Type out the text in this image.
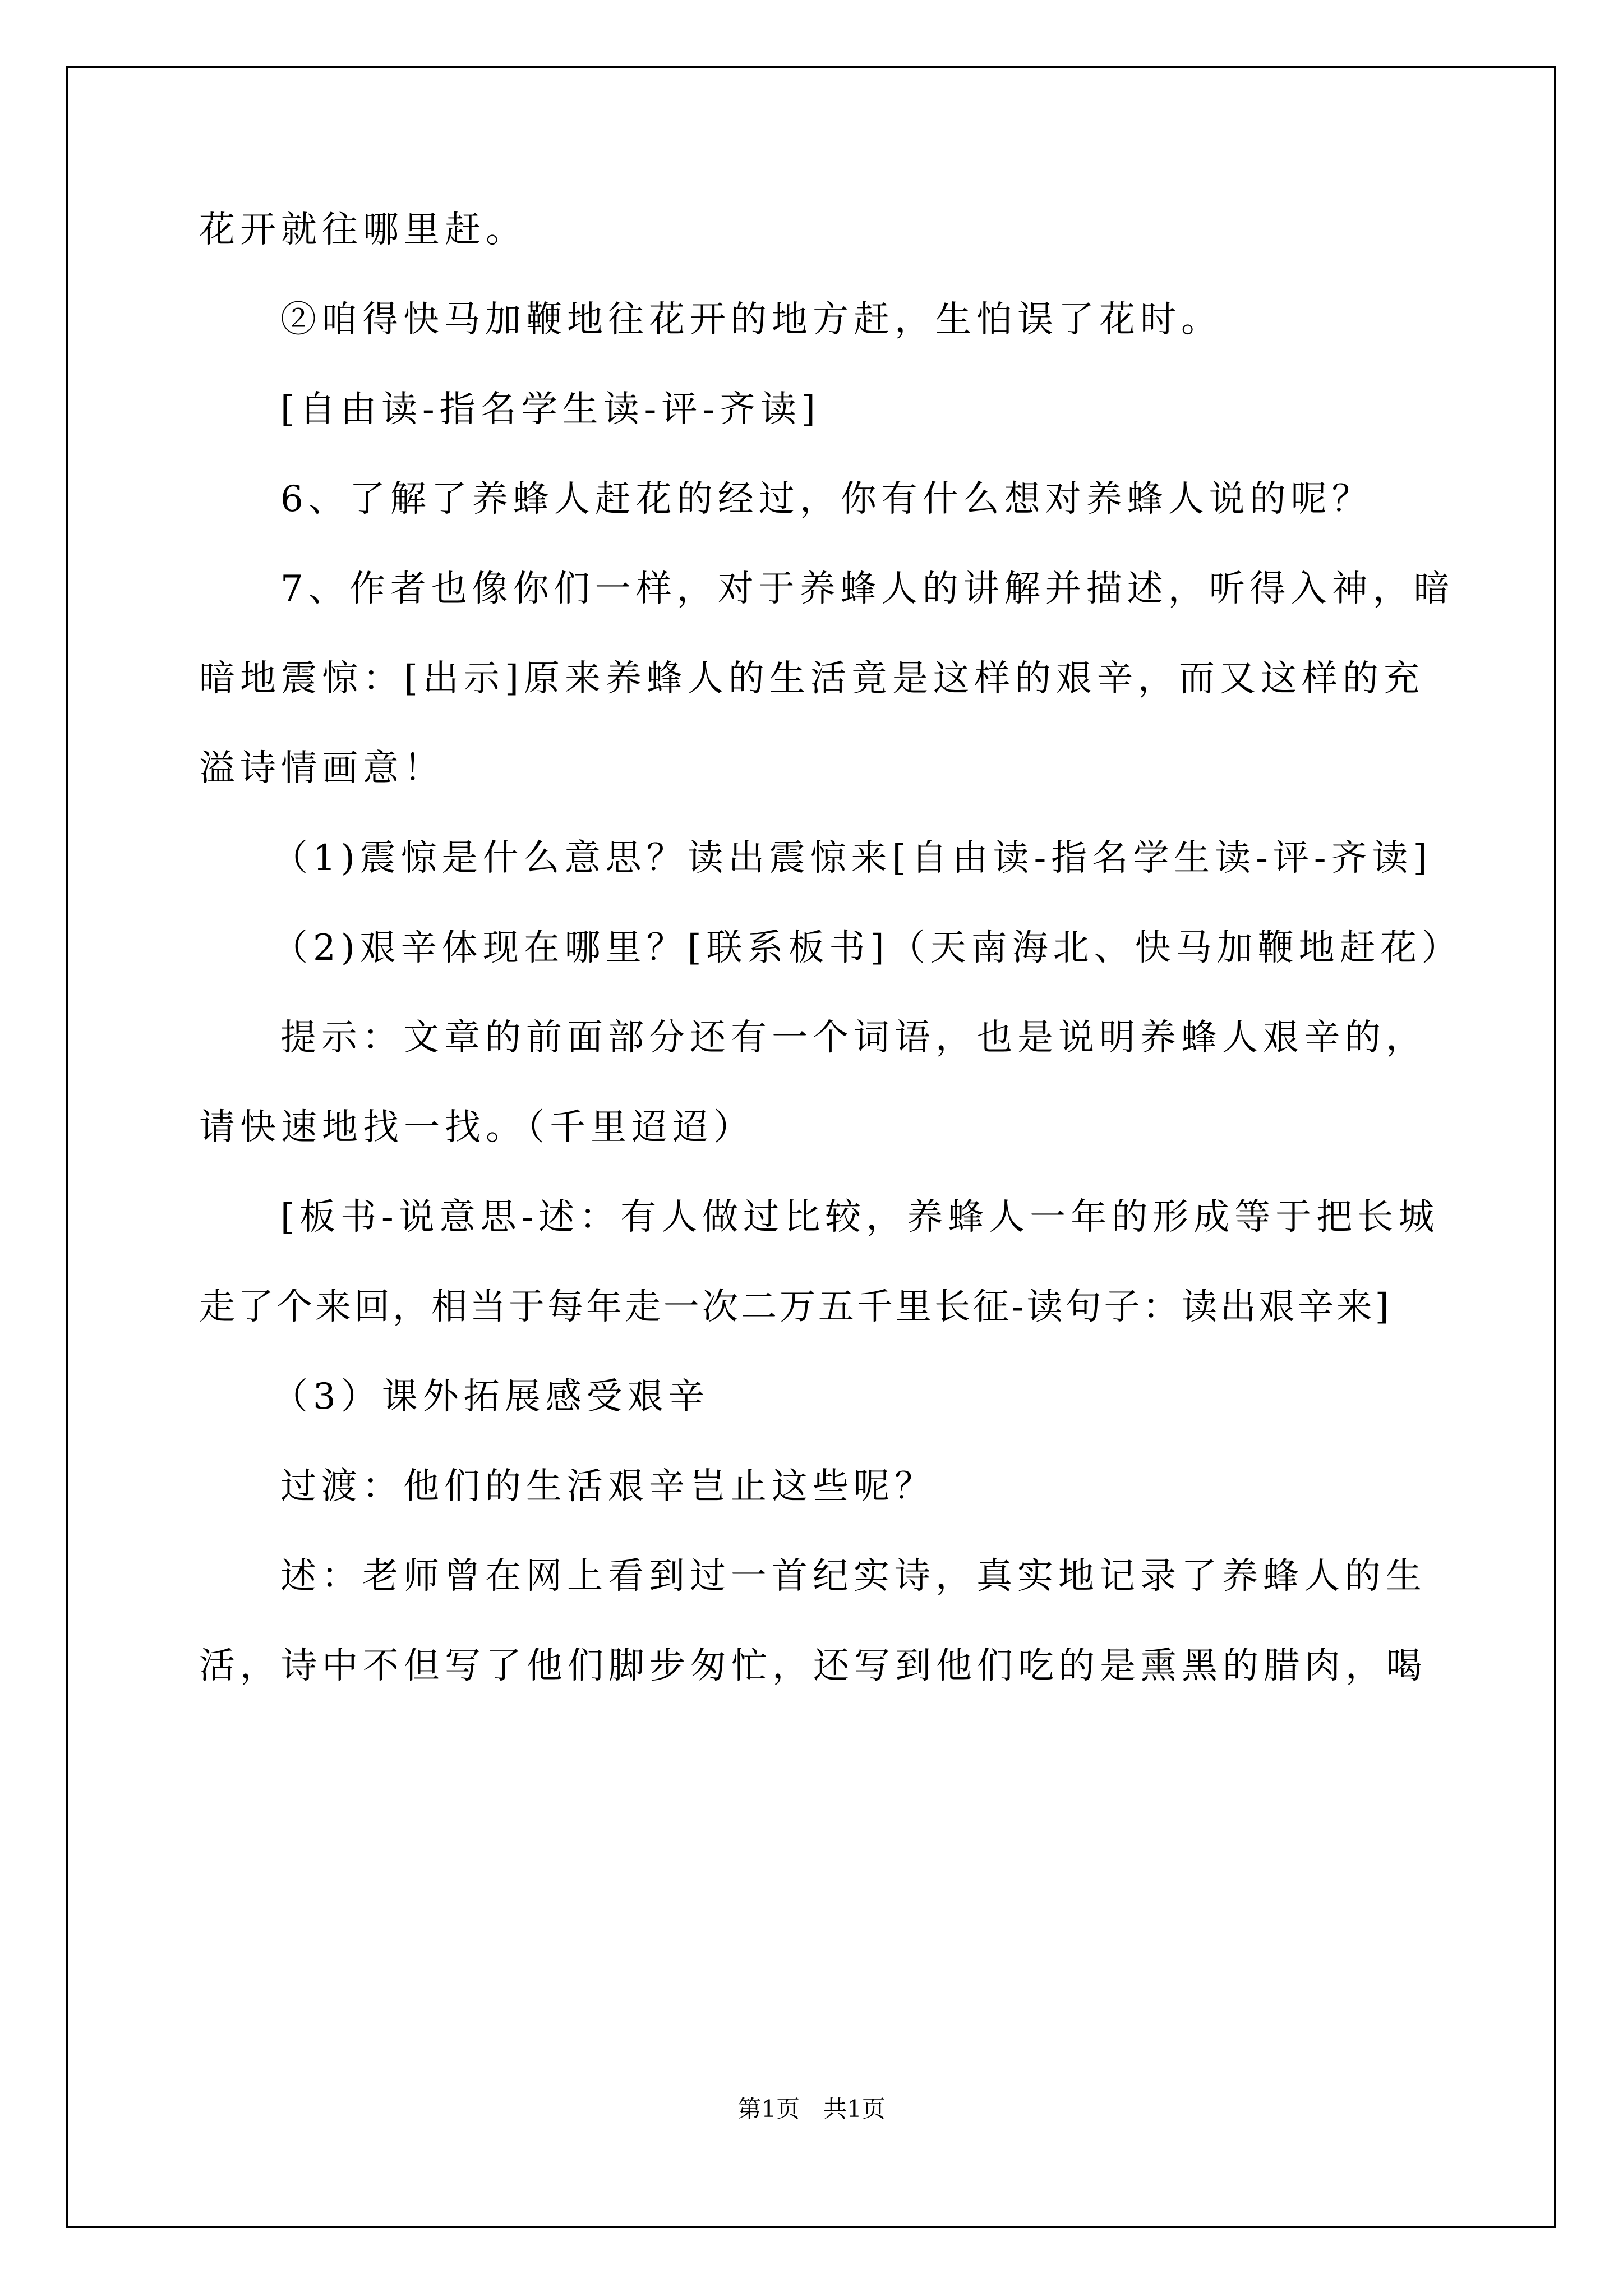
花开就往哪里赶。
②咱得快马加鞭地往花开的地方赶，生怕误了花时。
[自由读-指名学生读-评-齐读]
6、了解了养蜂人赶花的经过，你有什么想对养蜂人说的呢？
7、作者也像你们一样，对于养蜂人的讲解并描述，听得入神，暗
暗地震惊：[出示]原来养蜂人的生活竟是这样的艰辛，而又这样的充
溢诗情画意！
（1)震惊是什么意思？读出震惊来[自由读-指名学生读-评-齐读]
（2)艰辛体现在哪里？[联系板书]（天南海北、快马加鞭地赶花）
提示：文章的前面部分还有一个词语，也是说明养蜂人艰辛的，
请快速地找一找。（千里迢迢）
[板书-说意思-述：有人做过比较，养蜂人一年的形成等于把长城
走了个来回，相当于每年走一次二万五千里长征-读句子：读出艰辛来]
（3）课外拓展感受艰辛
过渡：他们的生活艰辛岂止这些呢？
述：老师曾在网上看到过一首纪实诗，真实地记录了养蜂人的生
活，诗中不但写了他们脚步匆忙，还写到他们吃的是熏黑的腊肉，喝
第1页　共1页
